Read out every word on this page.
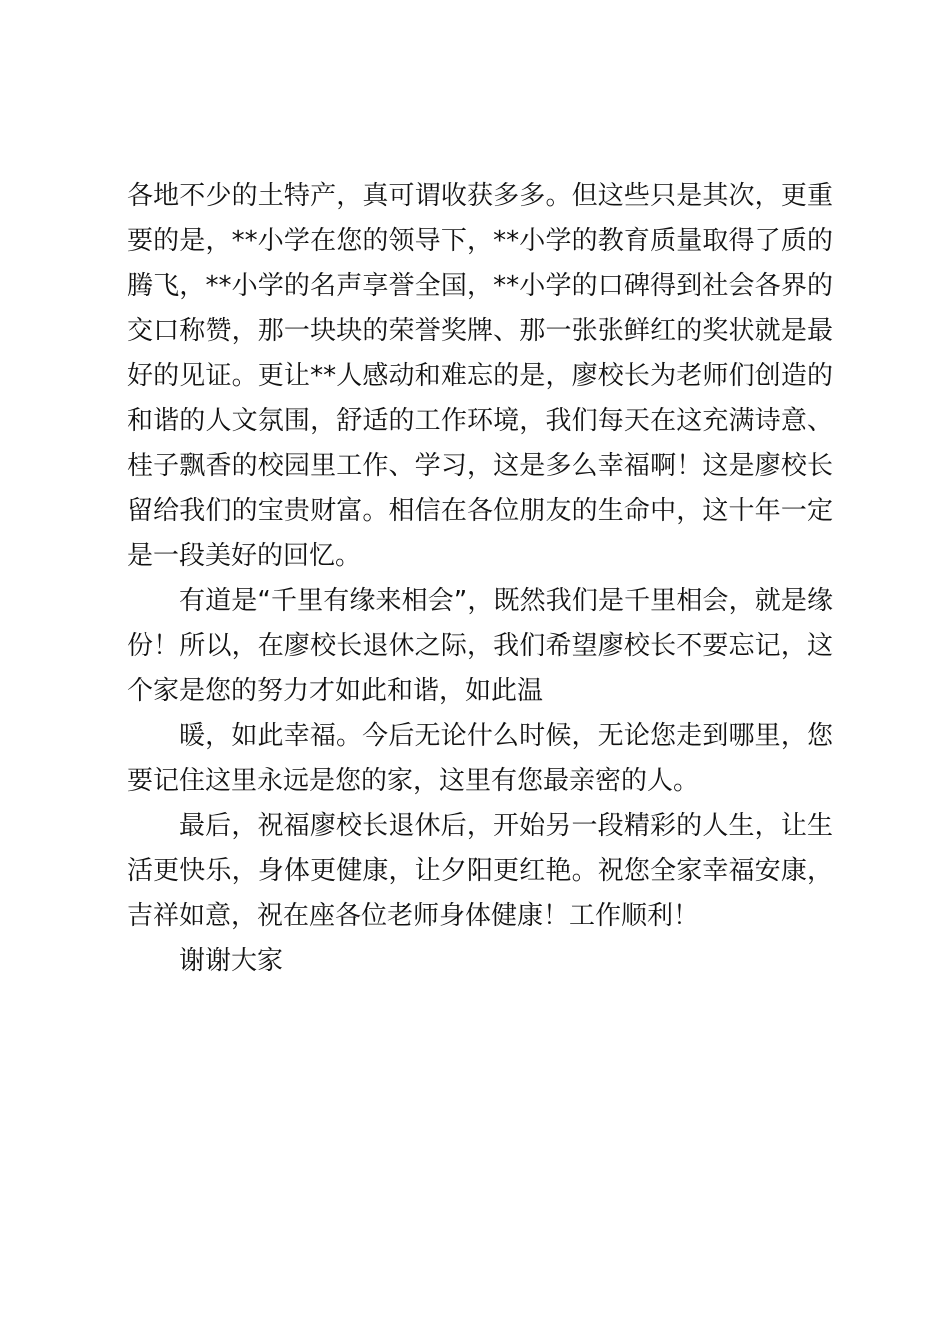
各地不少的土特产，真可谓收获多多。但这些只是其次，更重
要的是，**小学在您的领导下，**小学的教育质量取得了质的
腾飞，**小学的名声享誉全国，**小学的口碑得到社会各界的
交口称赞，那一块块的荣誉奖牌、那一张张鲜红的奖状就是最
好的见证。更让**人感动和难忘的是，廖校长为老师们创造的
和谐的人文氛围，舒适的工作环境，我们每天在这充满诗意、
桂子飘香的校园里工作、学习，这是多么幸福啊！这是廖校长
留给我们的宝贵财富。相信在各位朋友的生命中，这十年一定
是一段美好的回忆。
有道是“千里有缘来相会”，既然我们是千里相会，就是缘
份！所以，在廖校长退休之际，我们希望廖校长不要忘记，这
个家是您的努力才如此和谐，如此温
暖，如此幸福。今后无论什么时候，无论您走到哪里，您
要记住这里永远是您的家，这里有您最亲密的人。
最后，祝福廖校长退休后，开始另一段精彩的人生，让生
活更快乐，身体更健康，让夕阳更红艳。祝您全家幸福安康，
吉祥如意，祝在座各位老师身体健康！工作顺利！
谢谢大家
